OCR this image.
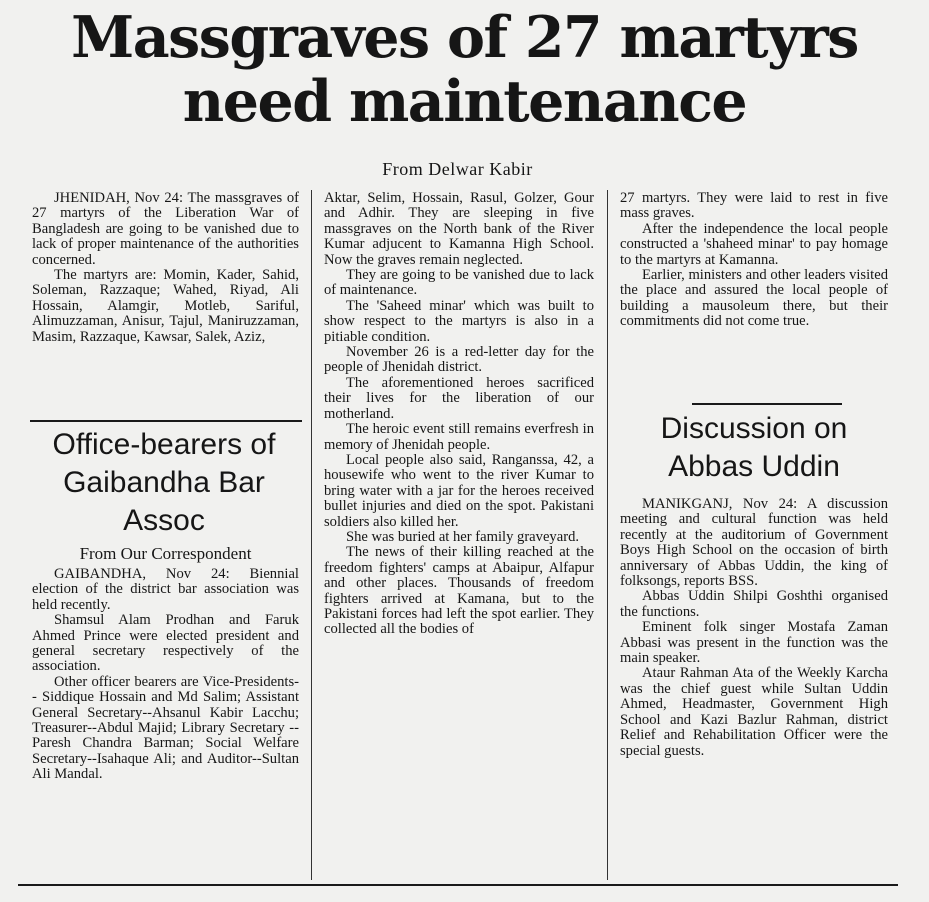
Massgraves of 27 martyrs need maintenance
From Delwar Kabir

JHENIDAH, Nov 24: The massgraves of 27 martyrs of the Liberation War of Bangladesh are going to be vanished due to lack of proper maintenance of the authorities concerned.

The martyrs are: Momin, Kader, Sahid, Soleman, Razzaque; Wahed, Riyad, Ali Hossain, Alamgir, Motleb, Sariful, Alimuzzaman, Anisur, Tajul, Maniruzzaman, Masim, Razzaque, Kawsar, Salek, Aziz,

Office-bearers of Gaibandha Bar Assoc
From Our Correspondent

GAIBANDHA, Nov 24: Biennial election of the district bar association was held recently.

Shamsul Alam Prodhan and Faruk Ahmed Prince were elected president and general secretary respectively of the association.

Other officer bearers are Vice-Presidents-- Siddique Hossain and Md Salim; Assistant General Secretary--Ahsanul Kabir Lacchu; Treasurer--Abdul Majid; Library Secretary -- Paresh Chandra Barman; Social Welfare Secretary--Isahaque Ali; and Auditor--Sultan Ali Mandal.

Aktar, Selim, Hossain, Rasul, Golzer, Gour and Adhir. They are sleeping in five massgraves on the North bank of the River Kumar adjucent to Kamanna High School. Now the graves remain neglected.

They are going to be vanished due to lack of maintenance.

The 'Saheed minar' which was built to show respect to the martyrs is also in a pitiable condition.

November 26 is a red-letter day for the people of Jhenidah district.

The aforementioned heroes sacrificed their lives for the liberation of our motherland.

The heroic event still remains everfresh in memory of Jhenidah people.

Local people also said, Ranganssa, 42, a housewife who went to the river Kumar to bring water with a jar for the heroes received bullet injuries and died on the spot. Pakistani soldiers also killed her.

She was buried at her family graveyard.

The news of their killing reached at the freedom fighters' camps at Abaipur, Alfapur and other places. Thousands of freedom fighters arrived at Kamana, but to the Pakistani forces had left the spot earlier. They collected all the bodies of

27 martyrs. They were laid to rest in five mass graves.

After the independence the local people constructed a 'shaheed minar' to pay homage to the martyrs at Kamanna.

Earlier, ministers and other leaders visited the place and assured the local people of building a mausoleum there, but their commitments did not come true.

Discussion on Abbas Uddin

MANIKGANJ, Nov 24: A discussion meeting and cultural function was held recently at the auditorium of Government Boys High School on the occasion of birth anniversary of Abbas Uddin, the king of folksongs, reports BSS.

Abbas Uddin Shilpi Goshthi organised the functions.

Eminent folk singer Mostafa Zaman Abbasi was present in the function was the main speaker.

Ataur Rahman Ata of the Weekly Karcha was the chief guest while Sultan Uddin Ahmed, Headmaster, Government High School and Kazi Bazlur Rahman, district Relief and Rehabilitation Officer were the special guests.
